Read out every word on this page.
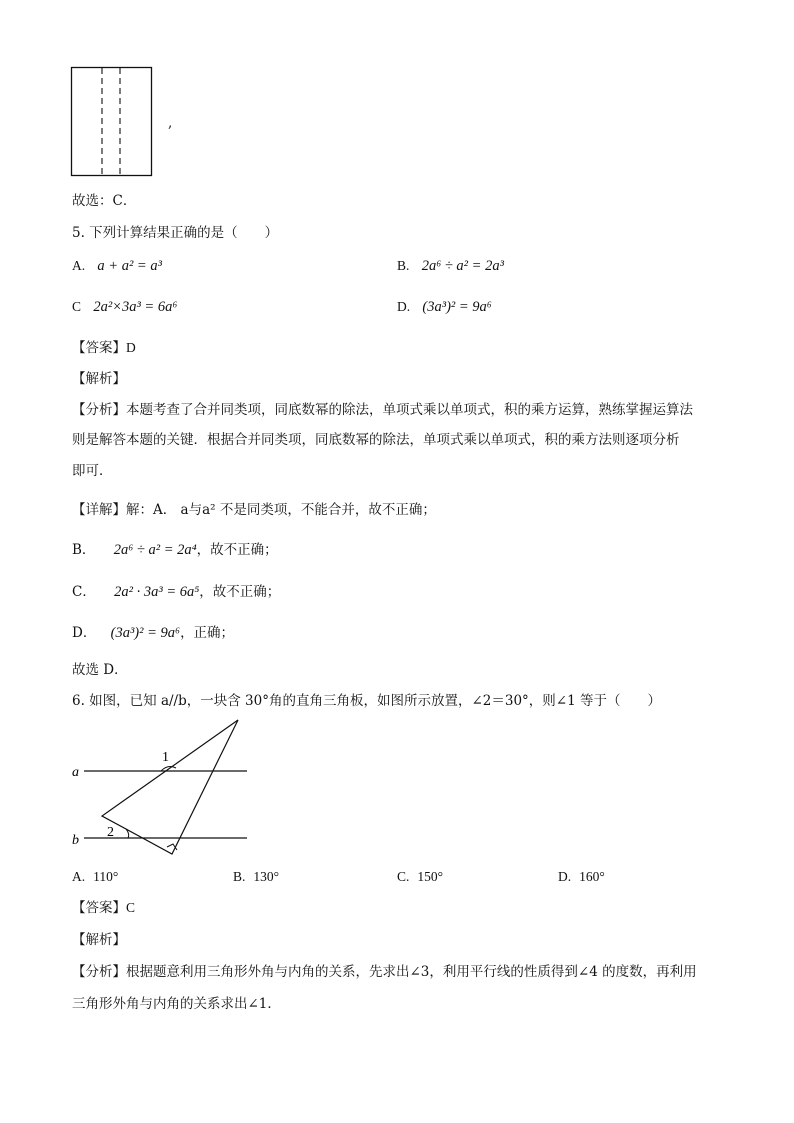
,
故选：C．
5. 下列计算结果正确的是（　　）
A. a + a² = a³	B. 2a⁶ ÷ a² = 2a³
C 2a²×3a³ = 6a⁶	D. (3a³)² = 9a⁶
【答案】D
【解析】
【分析】本题考查了合并同类项，同底数幂的除法，单项式乘以单项式，积的乘方运算，熟练掌握运算法
则是解答本题的关键．根据合并同类项，同底数幂的除法，单项式乘以单项式，积的乘方法则逐项分析
即可．
【详解】解：A． a与a² 不是同类项，不能合并，故不正确；
B． 2a⁶ ÷ a² = 2a⁴，故不正确；
C． 2a² · 3a³ = 6a⁵，故不正确；
D． (3a³)² = 9a⁶，正确；
故选 D．
6. 如图，已知 a//b，一块含 30°角的直角三角板，如图所示放置，∠2＝30°，则∠1 等于（　　）
a
b
1
2
A. 110°	B. 130°	C. 150°	D. 160°
【答案】C
【解析】
【分析】根据题意利用三角形外角与内角的关系，先求出∠3，利用平行线的性质得到∠4 的度数，再利用
三角形外角与内角的关系求出∠1．
